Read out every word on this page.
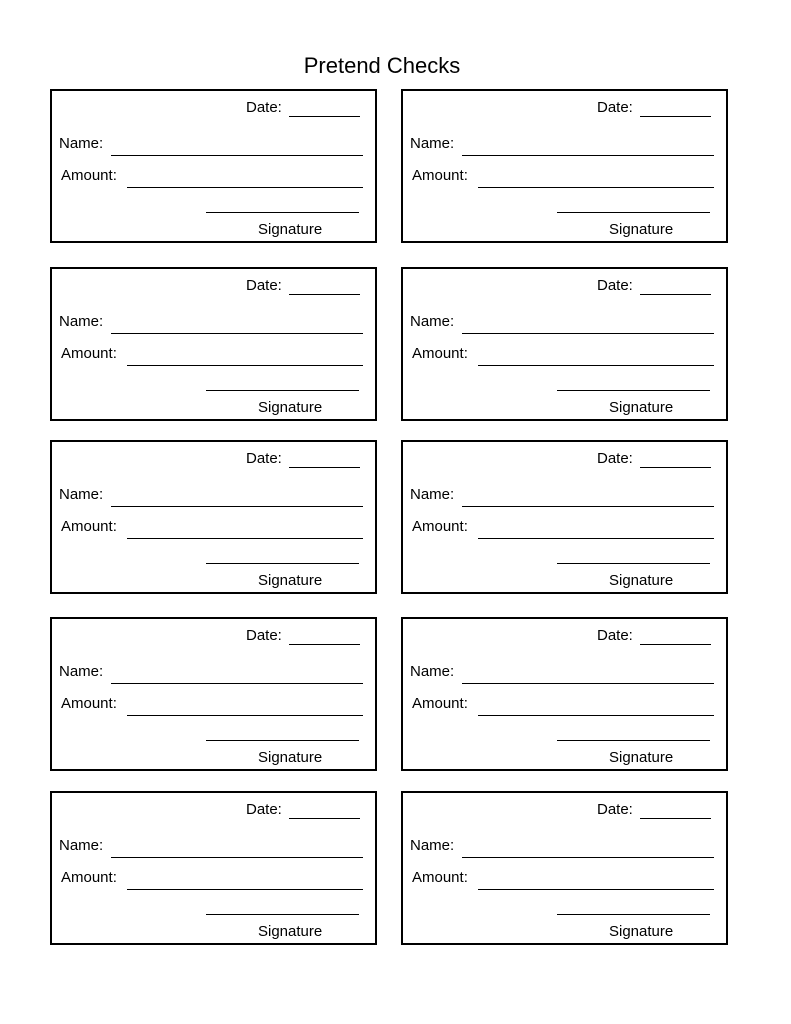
Pretend Checks
Date:
Name:
Amount:
Signature
Date:
Name:
Amount:
Signature
Date:
Name:
Amount:
Signature
Date:
Name:
Amount:
Signature
Date:
Name:
Amount:
Signature
Date:
Name:
Amount:
Signature
Date:
Name:
Amount:
Signature
Date:
Name:
Amount:
Signature
Date:
Name:
Amount:
Signature
Date:
Name:
Amount:
Signature
